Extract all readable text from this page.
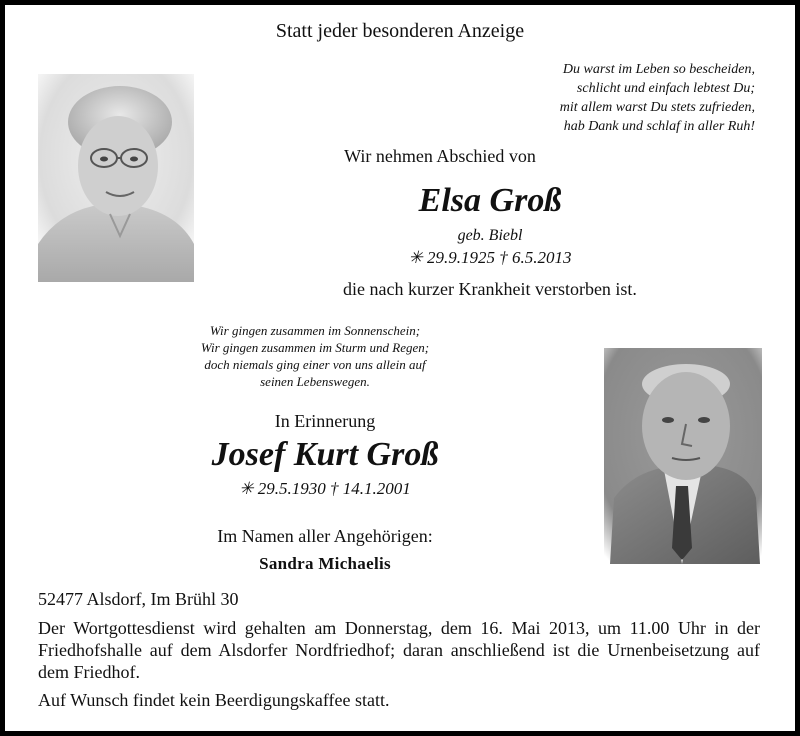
Statt jeder besonderen Anzeige
Du warst im Leben so bescheiden,
schlicht und einfach lebtest Du;
mit allem warst Du stets zufrieden,
hab Dank und schlaf in aller Ruh!
Wir nehmen Abschied von
Elsa Groß
geb. Biebl
✳ 29.9.1925 † 6.5.2013
die nach kurzer Krankheit verstorben ist.
Wir gingen zusammen im Sonnenschein;
Wir gingen zusammen im Sturm und Regen;
doch niemals ging einer von uns allein auf
seinen Lebenswegen.
In Erinnerung
Josef Kurt Groß
✳ 29.5.1930 † 14.1.2001
Im Namen aller Angehörigen:
Sandra Michaelis
52477 Alsdorf, Im Brühl 30

Der Wortgottesdienst wird gehalten am Donnerstag, dem 16. Mai 2013, um 11.00 Uhr in der Friedhofshalle auf dem Alsdorfer Nordfriedhof; daran anschließend ist die Urnenbeisetzung auf dem Friedhof.

Auf Wunsch findet kein Beerdigungskaffee statt.
